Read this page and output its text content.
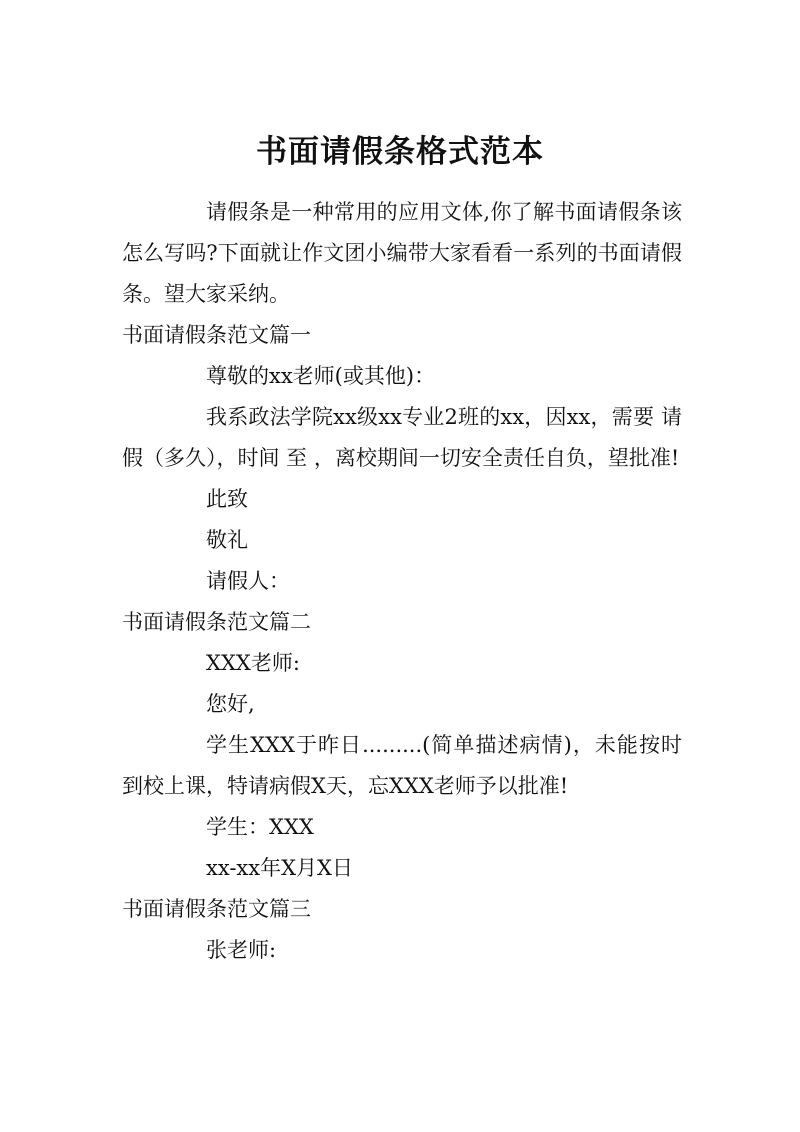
书面请假条格式范本

请假条是一种常用的应用文体,你了解书面请假条该怎么写吗?下面就让作文团小编带大家看看一系列的书面请假条。望大家采纳。

书面请假条范文篇一

尊敬的xx老师(或其他)：

我系政法学院xx级xx专业2班的xx，因xx，需要 请假（多久），时间 至 ，离校期间一切安全责任自负，望批准!

此致

敬礼

请假人：

书面请假条范文篇二

XXX老师:

您好,

学生XXX于昨日.........(简单描述病情)，未能按时到校上课，特请病假X天，忘XXX老师予以批准!

学生：XXX

xx-xx年X月X日

书面请假条范文篇三

张老师:
